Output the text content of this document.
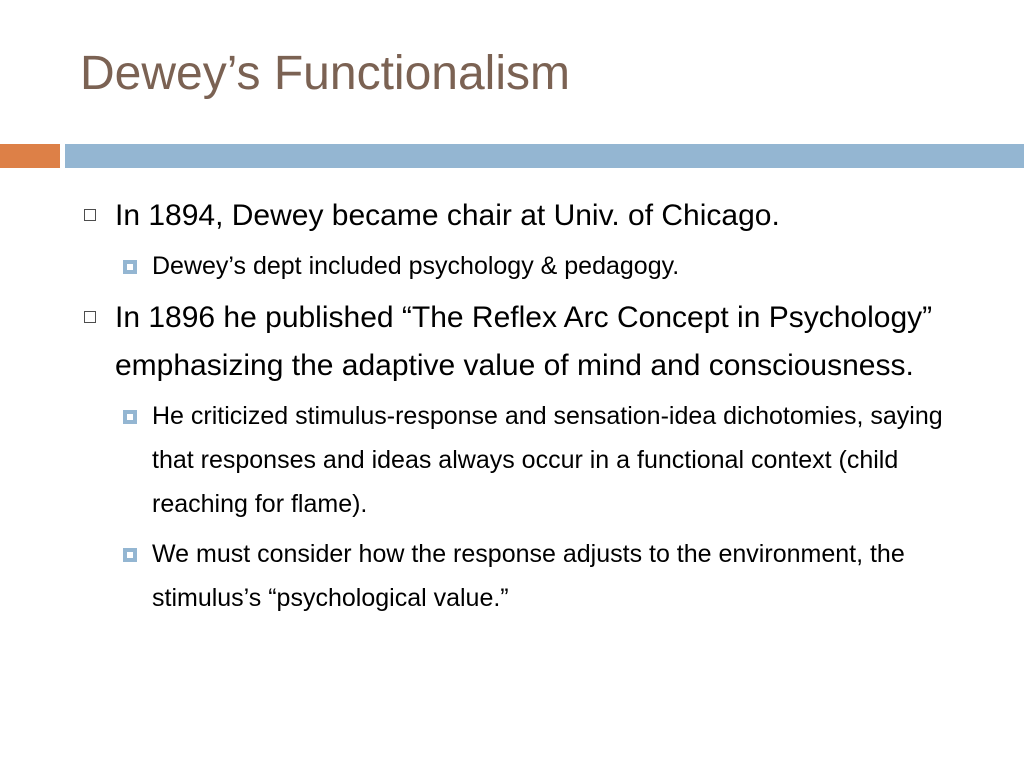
Dewey’s Functionalism
In 1894, Dewey became chair at Univ. of Chicago.
Dewey’s dept included psychology & pedagogy.
In 1896 he published “The Reflex Arc Concept in Psychology” emphasizing the adaptive value of mind and consciousness.
He criticized stimulus-response and sensation-idea dichotomies, saying that responses and ideas always occur in a functional context (child reaching for flame).
We must consider how the response adjusts to the environment, the stimulus’s “psychological value.”
